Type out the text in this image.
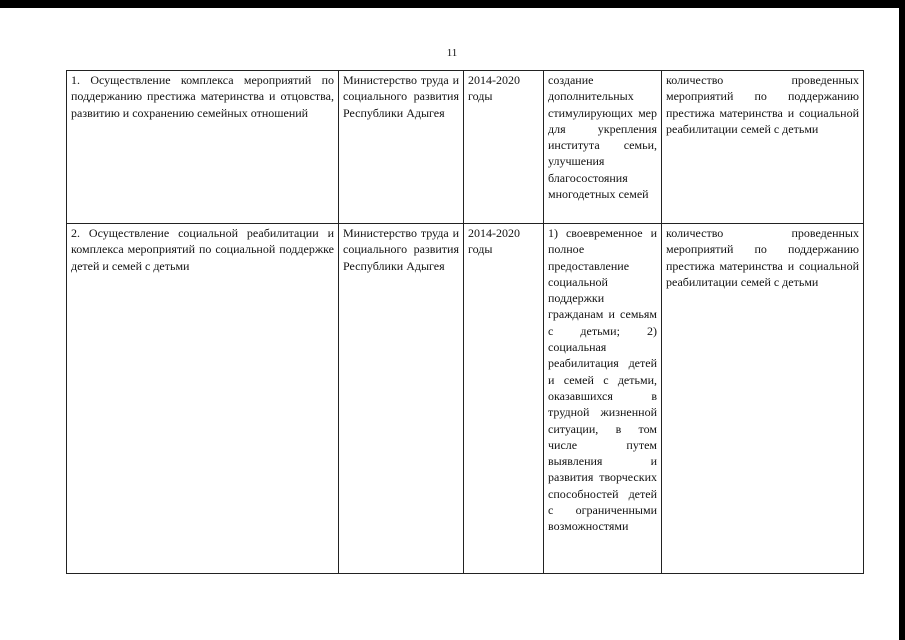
11
1. Осуществление комплекса мероприятий по поддержанию престижа материнства и отцовства, развитию и сохранению семейных отношений	Министерство труда и социального развития Республики Адыгея	2014-2020 годы	создание дополнительных стимулирующих мер для укрепления института семьи, улучшения благосостояния многодетных семей	количество проведенных мероприятий по поддержанию престижа материнства и социальной реабилитации семей с детьми
2. Осуществление социальной реабилитации и комплекса мероприятий по социальной поддержке детей и семей с детьми	Министерство труда и социального развития Республики Адыгея	2014-2020 годы	1) своевременное и полное предоставление социальной поддержки гражданам и семьям с детьми; 2) социальная реабилитация детей и семей с детьми, оказавшихся в трудной жизненной ситуации, в том числе путем выявления и развития творческих способностей детей с ограниченными возможностями	количество проведенных мероприятий по поддержанию престижа материнства и социальной реабилитации семей с детьми
